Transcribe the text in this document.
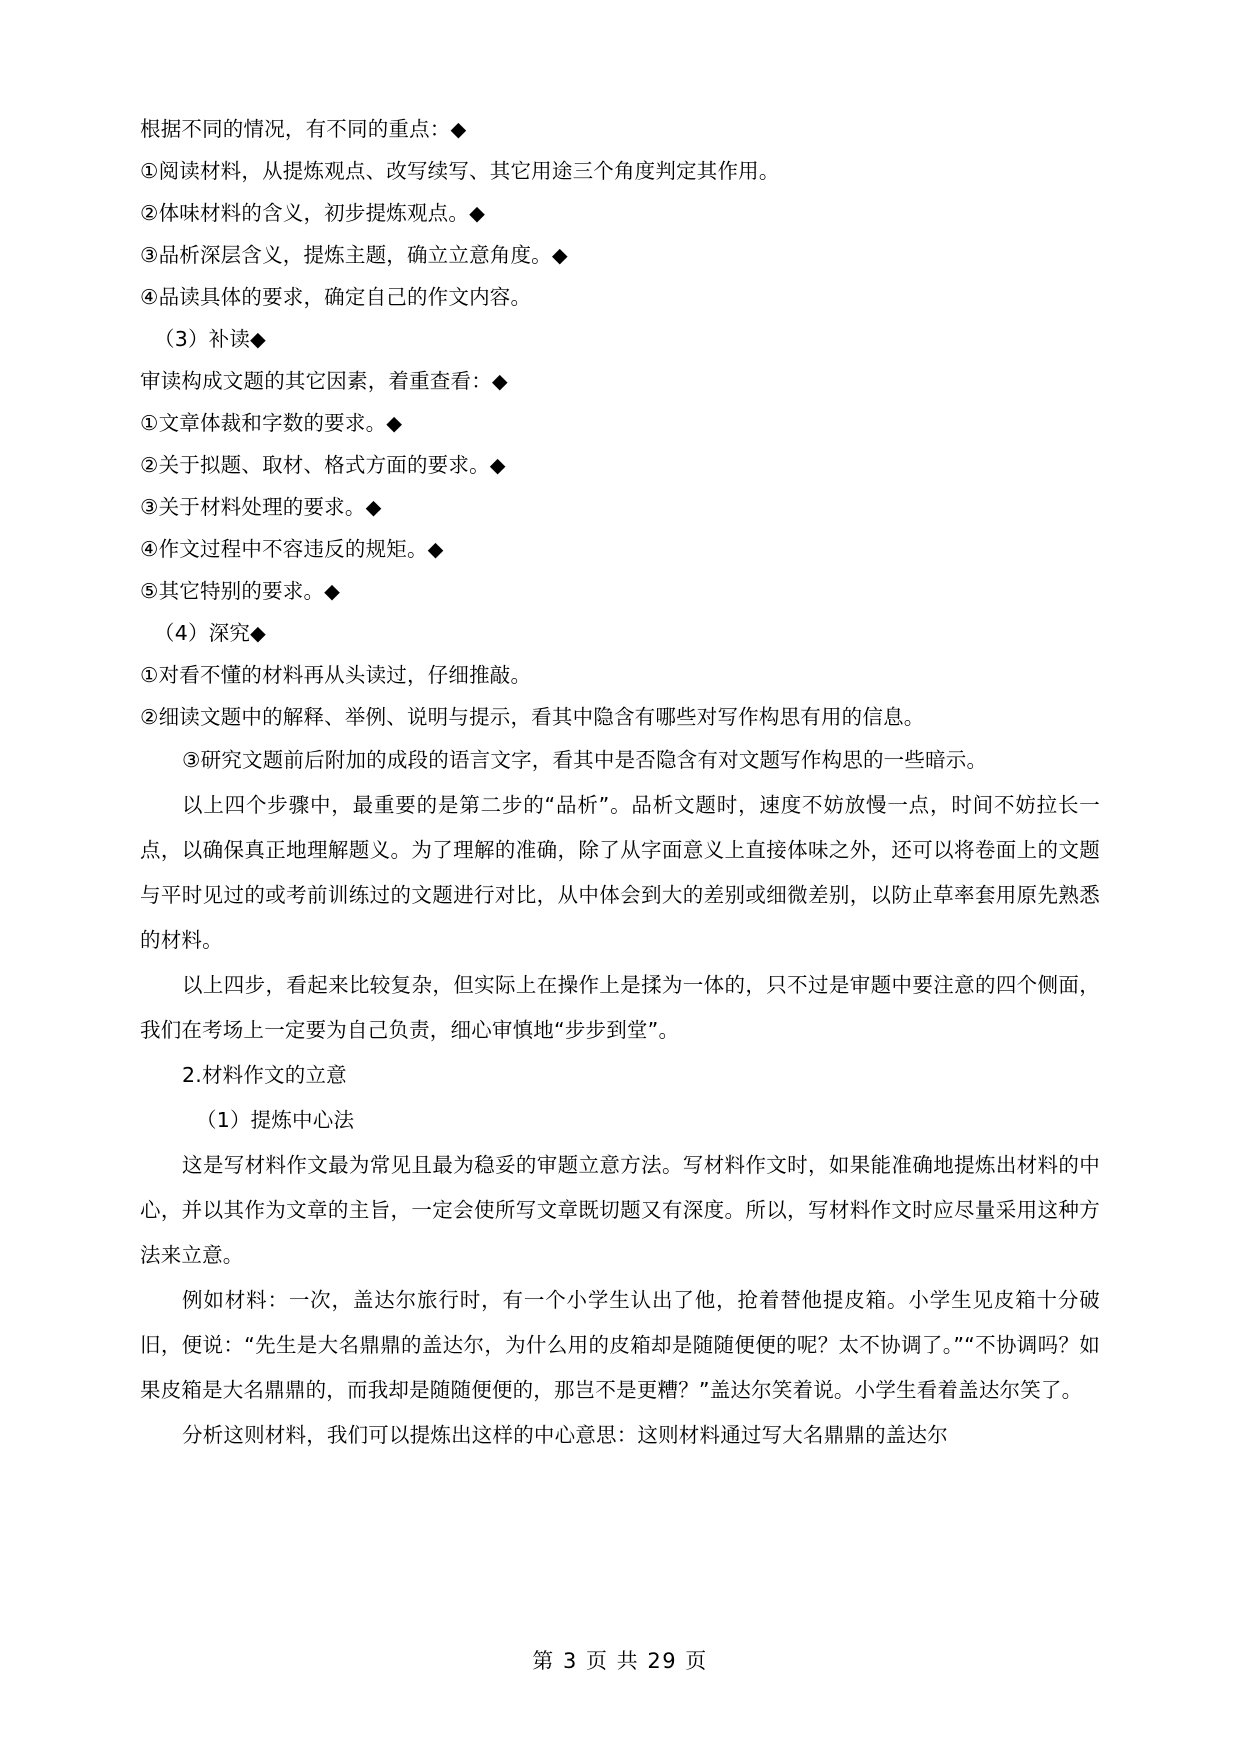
根据不同的情况，有不同的重点：◆
①阅读材料，从提炼观点、改写续写、其它用途三个角度判定其作用。
②体味材料的含义，初步提炼观点。◆
③品析深层含义，提炼主题，确立立意角度。◆
④品读具体的要求，确定自己的作文内容。
（3）补读◆
审读构成文题的其它因素，着重查看：◆
①文章体裁和字数的要求。◆
②关于拟题、取材、格式方面的要求。◆
③关于材料处理的要求。◆
④作文过程中不容违反的规矩。◆
⑤其它特别的要求。◆
（4）深究◆
①对看不懂的材料再从头读过，仔细推敲。
②细读文题中的解释、举例、说明与提示，看其中隐含有哪些对写作构思有用的信息。
③研究文题前后附加的成段的语言文字，看其中是否隐含有对文题写作构思的一些暗示。
以上四个步骤中，最重要的是第二步的“品析”。品析文题时，速度不妨放慢一点，时间不妨拉长一点，以确保真正地理解题义。为了理解的准确，除了从字面意义上直接体味之外，还可以将卷面上的文题与平时见过的或考前训练过的文题进行对比，从中体会到大的差别或细微差别，以防止草率套用原先熟悉的材料。
以上四步，看起来比较复杂，但实际上在操作上是揉为一体的，只不过是审题中要注意的四个侧面，我们在考场上一定要为自己负责，细心审慎地“步步到堂”。
2.材料作文的立意
（1）提炼中心法
这是写材料作文最为常见且最为稳妥的审题立意方法。写材料作文时，如果能准确地提炼出材料的中心，并以其作为文章的主旨，一定会使所写文章既切题又有深度。所以，写材料作文时应尽量采用这种方法来立意。
例如材料：一次，盖达尔旅行时，有一个小学生认出了他，抢着替他提皮箱。小学生见皮箱十分破旧，便说：“先生是大名鼎鼎的盖达尔，为什么用的皮箱却是随随便便的呢？太不协调了。”“不协调吗？如果皮箱是大名鼎鼎的，而我却是随随便便的，那岂不是更糟？”盖达尔笑着说。小学生看着盖达尔笑了。
分析这则材料，我们可以提炼出这样的中心意思：这则材料通过写大名鼎鼎的盖达尔
第 3 页 共 29 页
